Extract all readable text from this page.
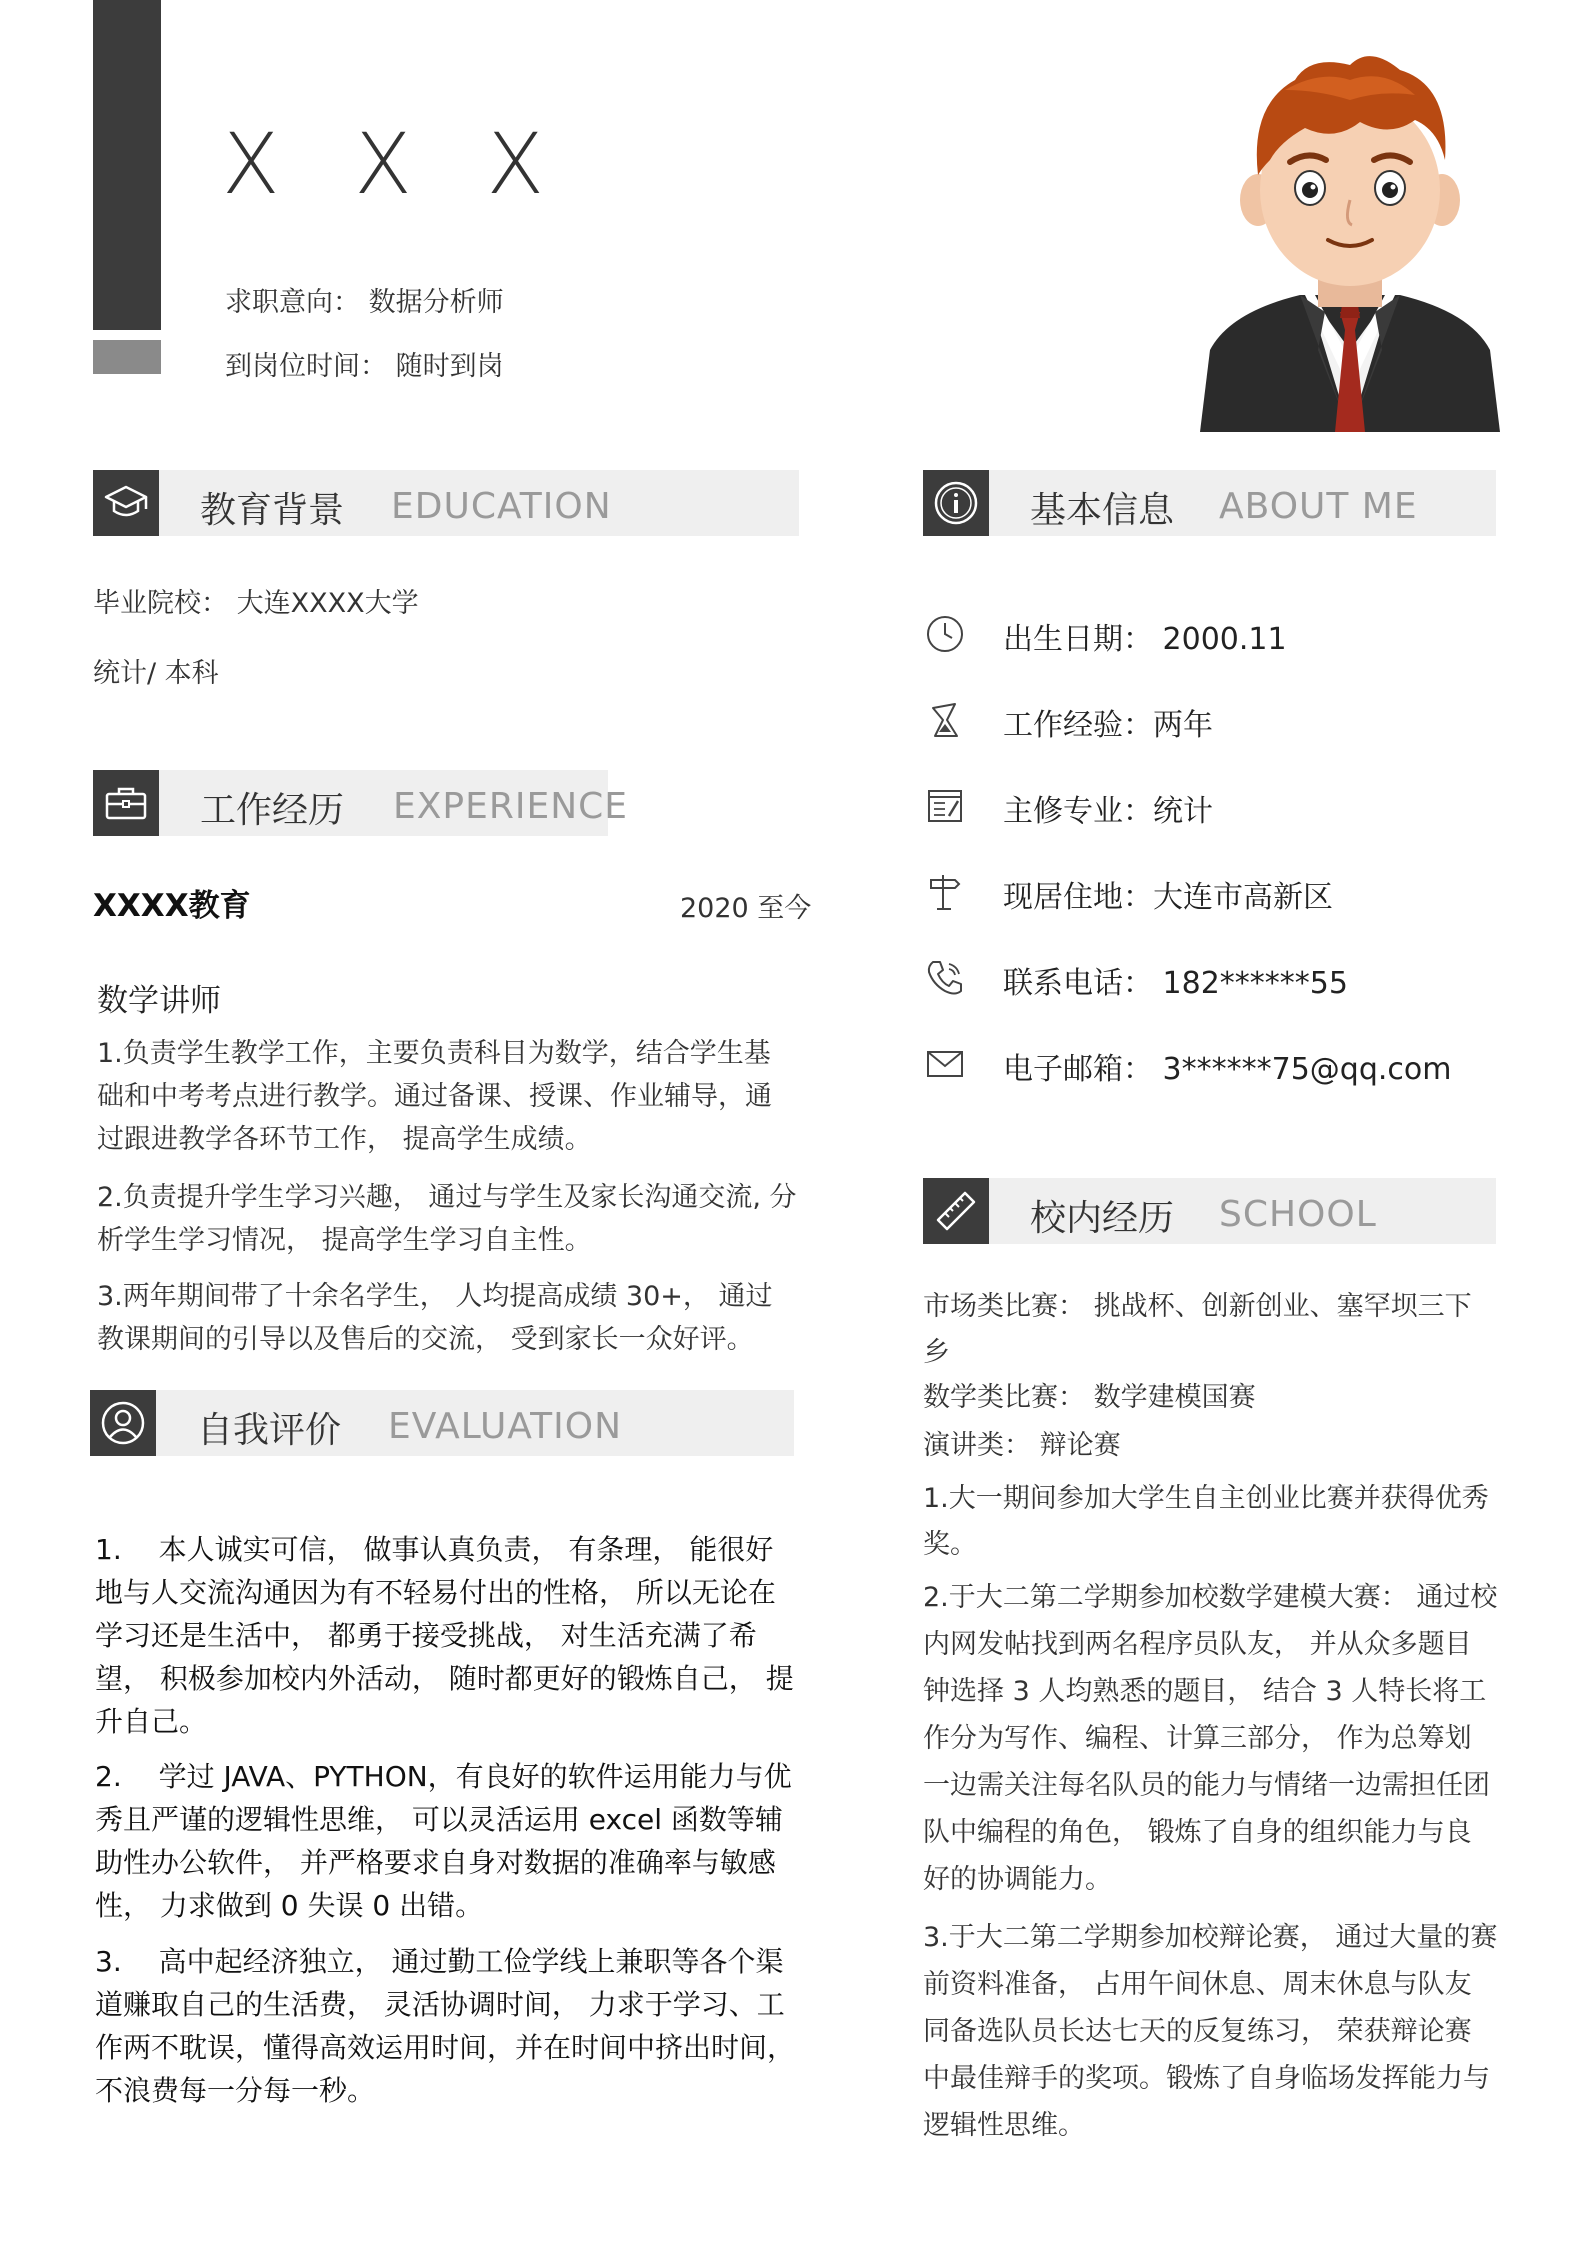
X X X
求职意向： 数据分析师
到岗位时间： 随时到岗
教育背景 EDUCATION
毕业院校： 大连XXXX大学
统计/ 本科
工作经历 EXPERIENCE
XXXX教育	2020 至今
数学讲师
1.负责学生教学工作，主要负责科目为数学，结合学生基础和中考考点进行教学。通过备课、授课、作业辅导，通过跟进教学各环节工作， 提高学生成绩。
2.负责提升学生学习兴趣， 通过与学生及家长沟通交流, 分析学生学习情况， 提高学生学习自主性。
3.两年期间带了十余名学生， 人均提高成绩 30+， 通过教课期间的引导以及售后的交流， 受到家长一众好评。
自我评价 EVALUATION
1.　 本人诚实可信， 做事认真负责， 有条理， 能很好地与人交流沟通因为有不轻易付出的性格， 所以无论在学习还是生活中， 都勇于接受挑战， 对生活充满了希望， 积极参加校内外活动， 随时都更好的锻炼自己， 提升自己。
2.　 学过 JAVA、PYTHON，有良好的软件运用能力与优秀且严谨的逻辑性思维， 可以灵活运用 excel 函数等辅助性办公软件， 并严格要求自身对数据的准确率与敏感性， 力求做到 0 失误 0 出错。
3.　 高中起经济独立， 通过勤工俭学线上兼职等各个渠道赚取自己的生活费， 灵活协调时间， 力求于学习、工作两不耽误，懂得高效运用时间，并在时间中挤出时间，不浪费每一分每一秒。
基本信息 ABOUT ME
出生日期： 2000.11
工作经验：两年
主修专业：统计
现居住地：大连市高新区
联系电话： 182******55
电子邮箱： 3******75@qq.com
校内经历 SCHOOL
市场类比赛： 挑战杯、创新创业、塞罕坝三下乡
数学类比赛： 数学建模国赛
演讲类： 辩论赛
1.大一期间参加大学生自主创业比赛并获得优秀奖。
2.于大二第二学期参加校数学建模大赛： 通过校内网发帖找到两名程序员队友， 并从众多题目钟选择 3 人均熟悉的题目， 结合 3 人特长将工作分为写作、编程、计算三部分， 作为总筹划一边需关注每名队员的能力与情绪一边需担任团队中编程的角色， 锻炼了自身的组织能力与良好的协调能力。
3.于大二第二学期参加校辩论赛， 通过大量的赛前资料准备， 占用午间休息、周末休息与队友同备选队员长达七天的反复练习， 荣获辩论赛中最佳辩手的奖项。锻炼了自身临场发挥能力与逻辑性思维。
